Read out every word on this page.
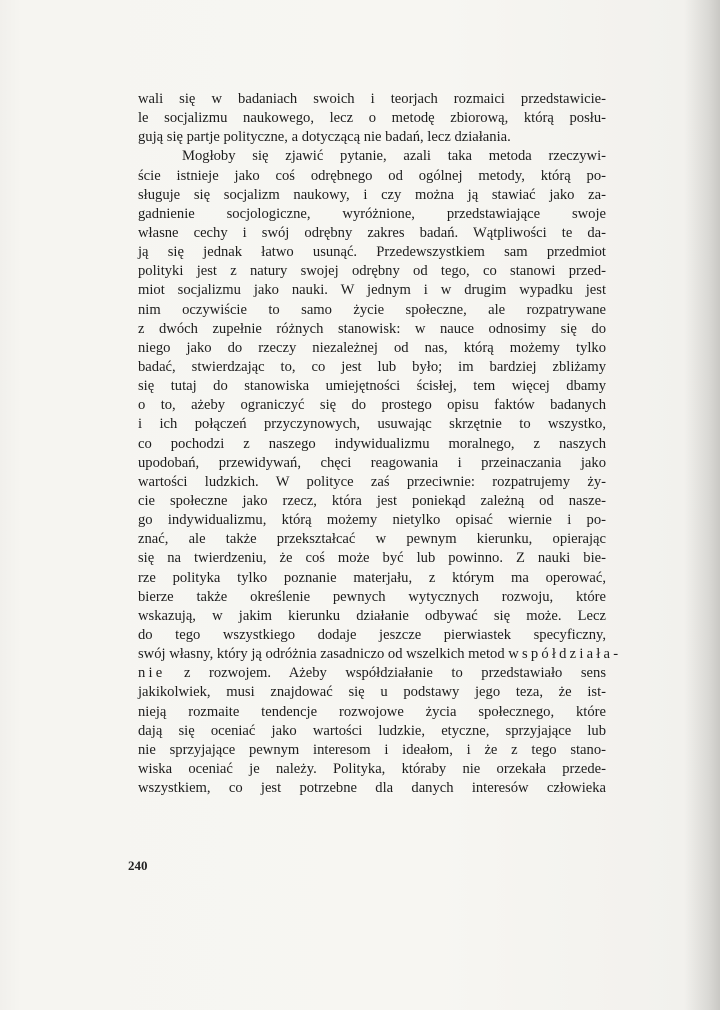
wali się w badaniach swoich i teorjach rozmaici przedstawicie-
le socjalizmu naukowego, lecz o metodę zbiorową, którą posłu-
gują się partje polityczne, a dotyczącą nie badań, lecz działania.
Mogłoby się zjawić pytanie, azali taka metoda rzeczywi-
ście istnieje jako coś odrębnego od ogólnej metody, którą po-
sługuje się socjalizm naukowy, i czy można ją stawiać jako za-
gadnienie socjologiczne, wyróżnione, przedstawiające swoje
własne cechy i swój odrębny zakres badań. Wątpliwości te da-
ją się jednak łatwo usunąć. Przedewszystkiem sam przedmiot
polityki jest z natury swojej odrębny od tego, co stanowi przed-
miot socjalizmu jako nauki. W jednym i w drugim wypadku jest
nim oczywiście to samo życie społeczne, ale rozpatrywane
z dwóch zupełnie różnych stanowisk: w nauce odnosimy się do
niego jako do rzeczy niezależnej od nas, którą możemy tylko
badać, stwierdzając to, co jest lub było; im bardziej zbliżamy
się tutaj do stanowiska umiejętności ścisłej, tem więcej dbamy
o to, ażeby ograniczyć się do prostego opisu faktów badanych
i ich połączeń przyczynowych, usuwając skrzętnie to wszystko,
co pochodzi z naszego indywidualizmu moralnego, z naszych
upodobań, przewidywań, chęci reagowania i przeinaczania jako
wartości ludzkich. W polityce zaś przeciwnie: rozpatrujemy ży-
cie społeczne jako rzecz, która jest poniekąd zależną od nasze-
go indywidualizmu, którą możemy nietylko opisać wiernie i po-
znać, ale także przekształcać w pewnym kierunku, opierając
się na twierdzeniu, że coś może być lub powinno. Z nauki bie-
rze polityka tylko poznanie materjału, z którym ma operować,
bierze także określenie pewnych wytycznych rozwoju, które
wskazują, w jakim kierunku działanie odbywać się może. Lecz
do tego wszystkiego dodaje jeszcze pierwiastek specyficzny,
swój własny, który ją odróżnia zasadniczo od wszelkich metod współdziała-
nie z rozwojem. Ażeby współdziałanie to przedstawiało sens
jakikolwiek, musi znajdować się u podstawy jego teza, że ist-
nieją rozmaite tendencje rozwojowe życia społecznego, które
dają się oceniać jako wartości ludzkie, etyczne, sprzyjające lub
nie sprzyjające pewnym interesom i ideałom, i że z tego stano-
wiska oceniać je należy. Polityka, któraby nie orzekała przede-
wszystkiem, co jest potrzebne dla danych interesów człowieka
240
